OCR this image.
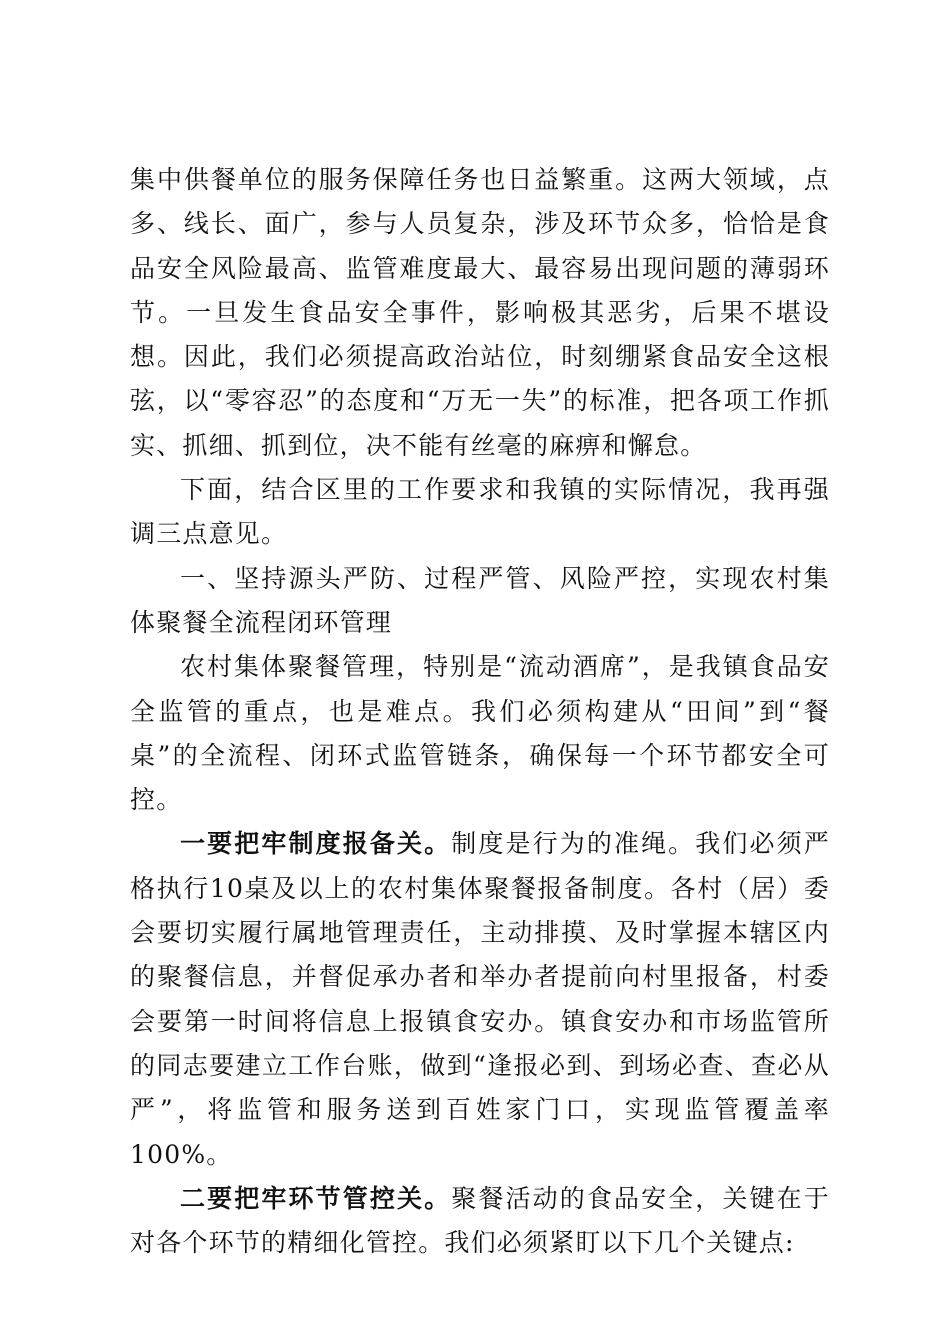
集中供餐单位的服务保障任务也日益繁重。这两大领域，点多、线长、面广，参与人员复杂，涉及环节众多，恰恰是食品安全风险最高、监管难度最大、最容易出现问题的薄弱环节。一旦发生食品安全事件，影响极其恶劣，后果不堪设想。因此，我们必须提高政治站位，时刻绷紧食品安全这根弦，以“零容忍”的态度和“万无一失”的标准，把各项工作抓实、抓细、抓到位，决不能有丝毫的麻痹和懈怠。

下面，结合区里的工作要求和我镇的实际情况，我再强调三点意见。

一、坚持源头严防、过程严管、风险严控，实现农村集体聚餐全流程闭环管理

农村集体聚餐管理，特别是“流动酒席”，是我镇食品安全监管的重点，也是难点。我们必须构建从“田间”到“餐桌”的全流程、闭环式监管链条，确保每一个环节都安全可控。

一要把牢制度报备关。制度是行为的准绳。我们必须严格执行10桌及以上的农村集体聚餐报备制度。各村（居）委会要切实履行属地管理责任，主动排摸、及时掌握本辖区内的聚餐信息，并督促承办者和举办者提前向村里报备，村委会要第一时间将信息上报镇食安办。镇食安办和市场监管所的同志要建立工作台账，做到“逢报必到、到场必查、查必从严”，将监管和服务送到百姓家门口，实现监管覆盖率100%。

二要把牢环节管控关。聚餐活动的食品安全，关键在于对各个环节的精细化管控。我们必须紧盯以下几个关键点:
